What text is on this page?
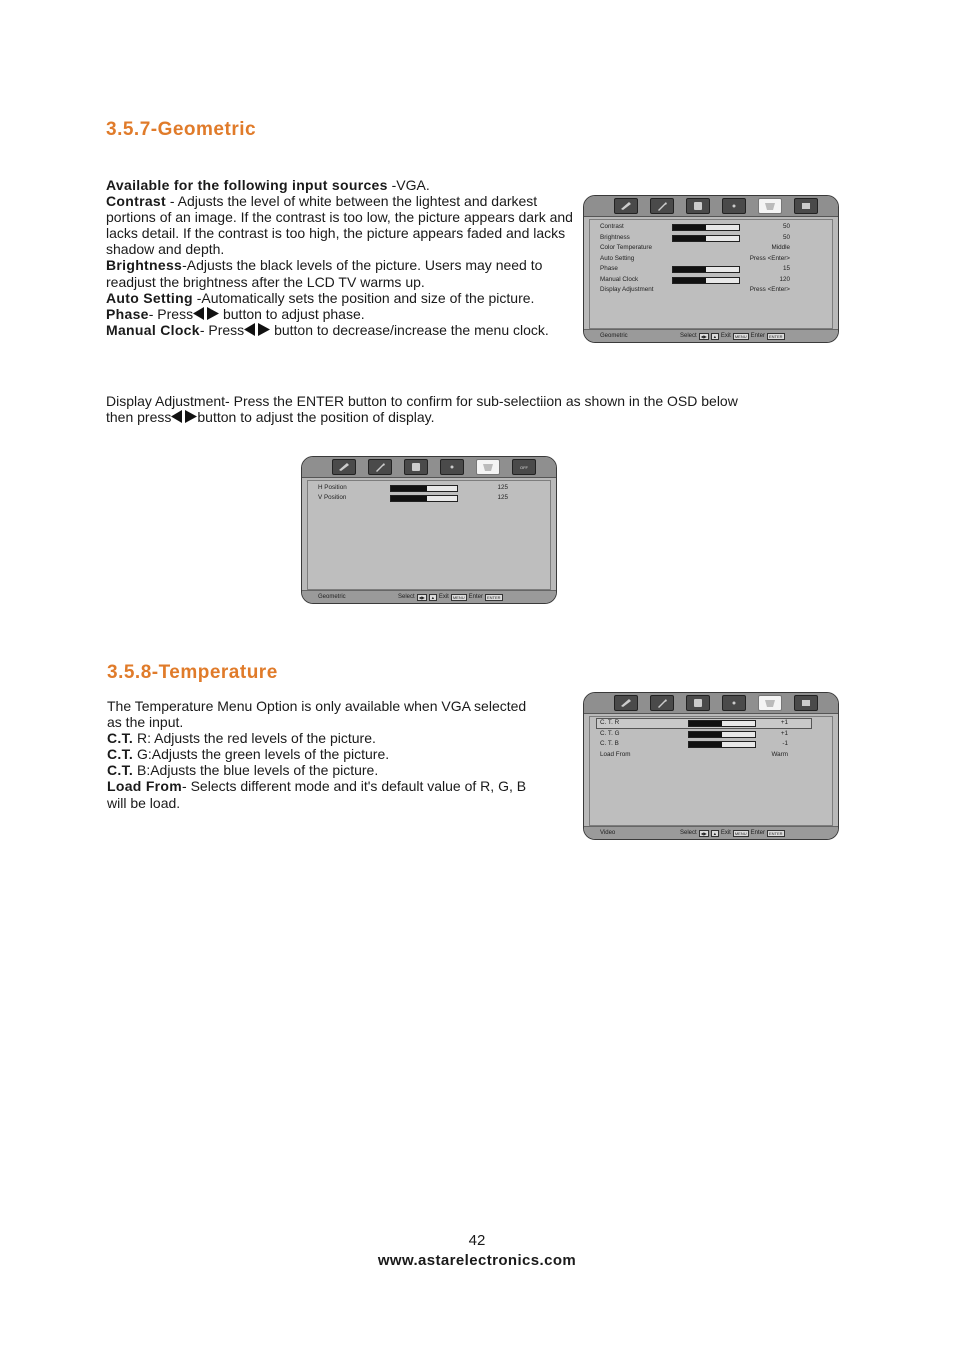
3.5.7-Geometric

Available for the following input sources -VGA.

Contrast - Adjusts the level of white between the lightest and darkest portions of an image. If the contrast is too low, the picture appears dark and lacks detail. If the contrast is too high, the picture appears faded and lacks shadow and depth.

Brightness-Adjusts the black levels of the picture. Users may need to readjust the brightness after the LCD TV warms up.

Auto Setting -Automatically sets the position and size of the picture.

Phase- Press
button to adjust phase.

Manual Clock- Press
button to decrease/increase the menu clock.

Contrast	50
Brightness	50
Color Temperature	Middle
Auto Setting	Press <Enter>
Phase	15
Manual Clock	120
Display Adjustment	Press <Enter>
Geometric	Select	◀▶	▲ Exit	MENU Enter	ENTER

Display Adjustment- Press the ENTER button to confirm for sub-selectiion as shown in the OSD below

then press button to adjust the position of display.

OFF
H Position	125
V Position	125
Geometric	Select	◀▶	▲ Exit	MENU Enter	ENTER
3.5.8-Temperature

The Temperature Menu Option is only available when VGA selected as the input.

C.T. R: Adjusts the red levels of the picture.

C.T. G:Adjusts the green levels of the picture.

C.T. B:Adjusts the blue levels of the picture.

Load From- Selects different mode and it's default value of R, G, B will be load.

C. T. R	+1
C. T. G	+1
C. T. B	-1
Load From	Warm
Video	Select	◀▶	▲ Exit	MENU Enter	ENTER
42
www.astarelectronics.com
